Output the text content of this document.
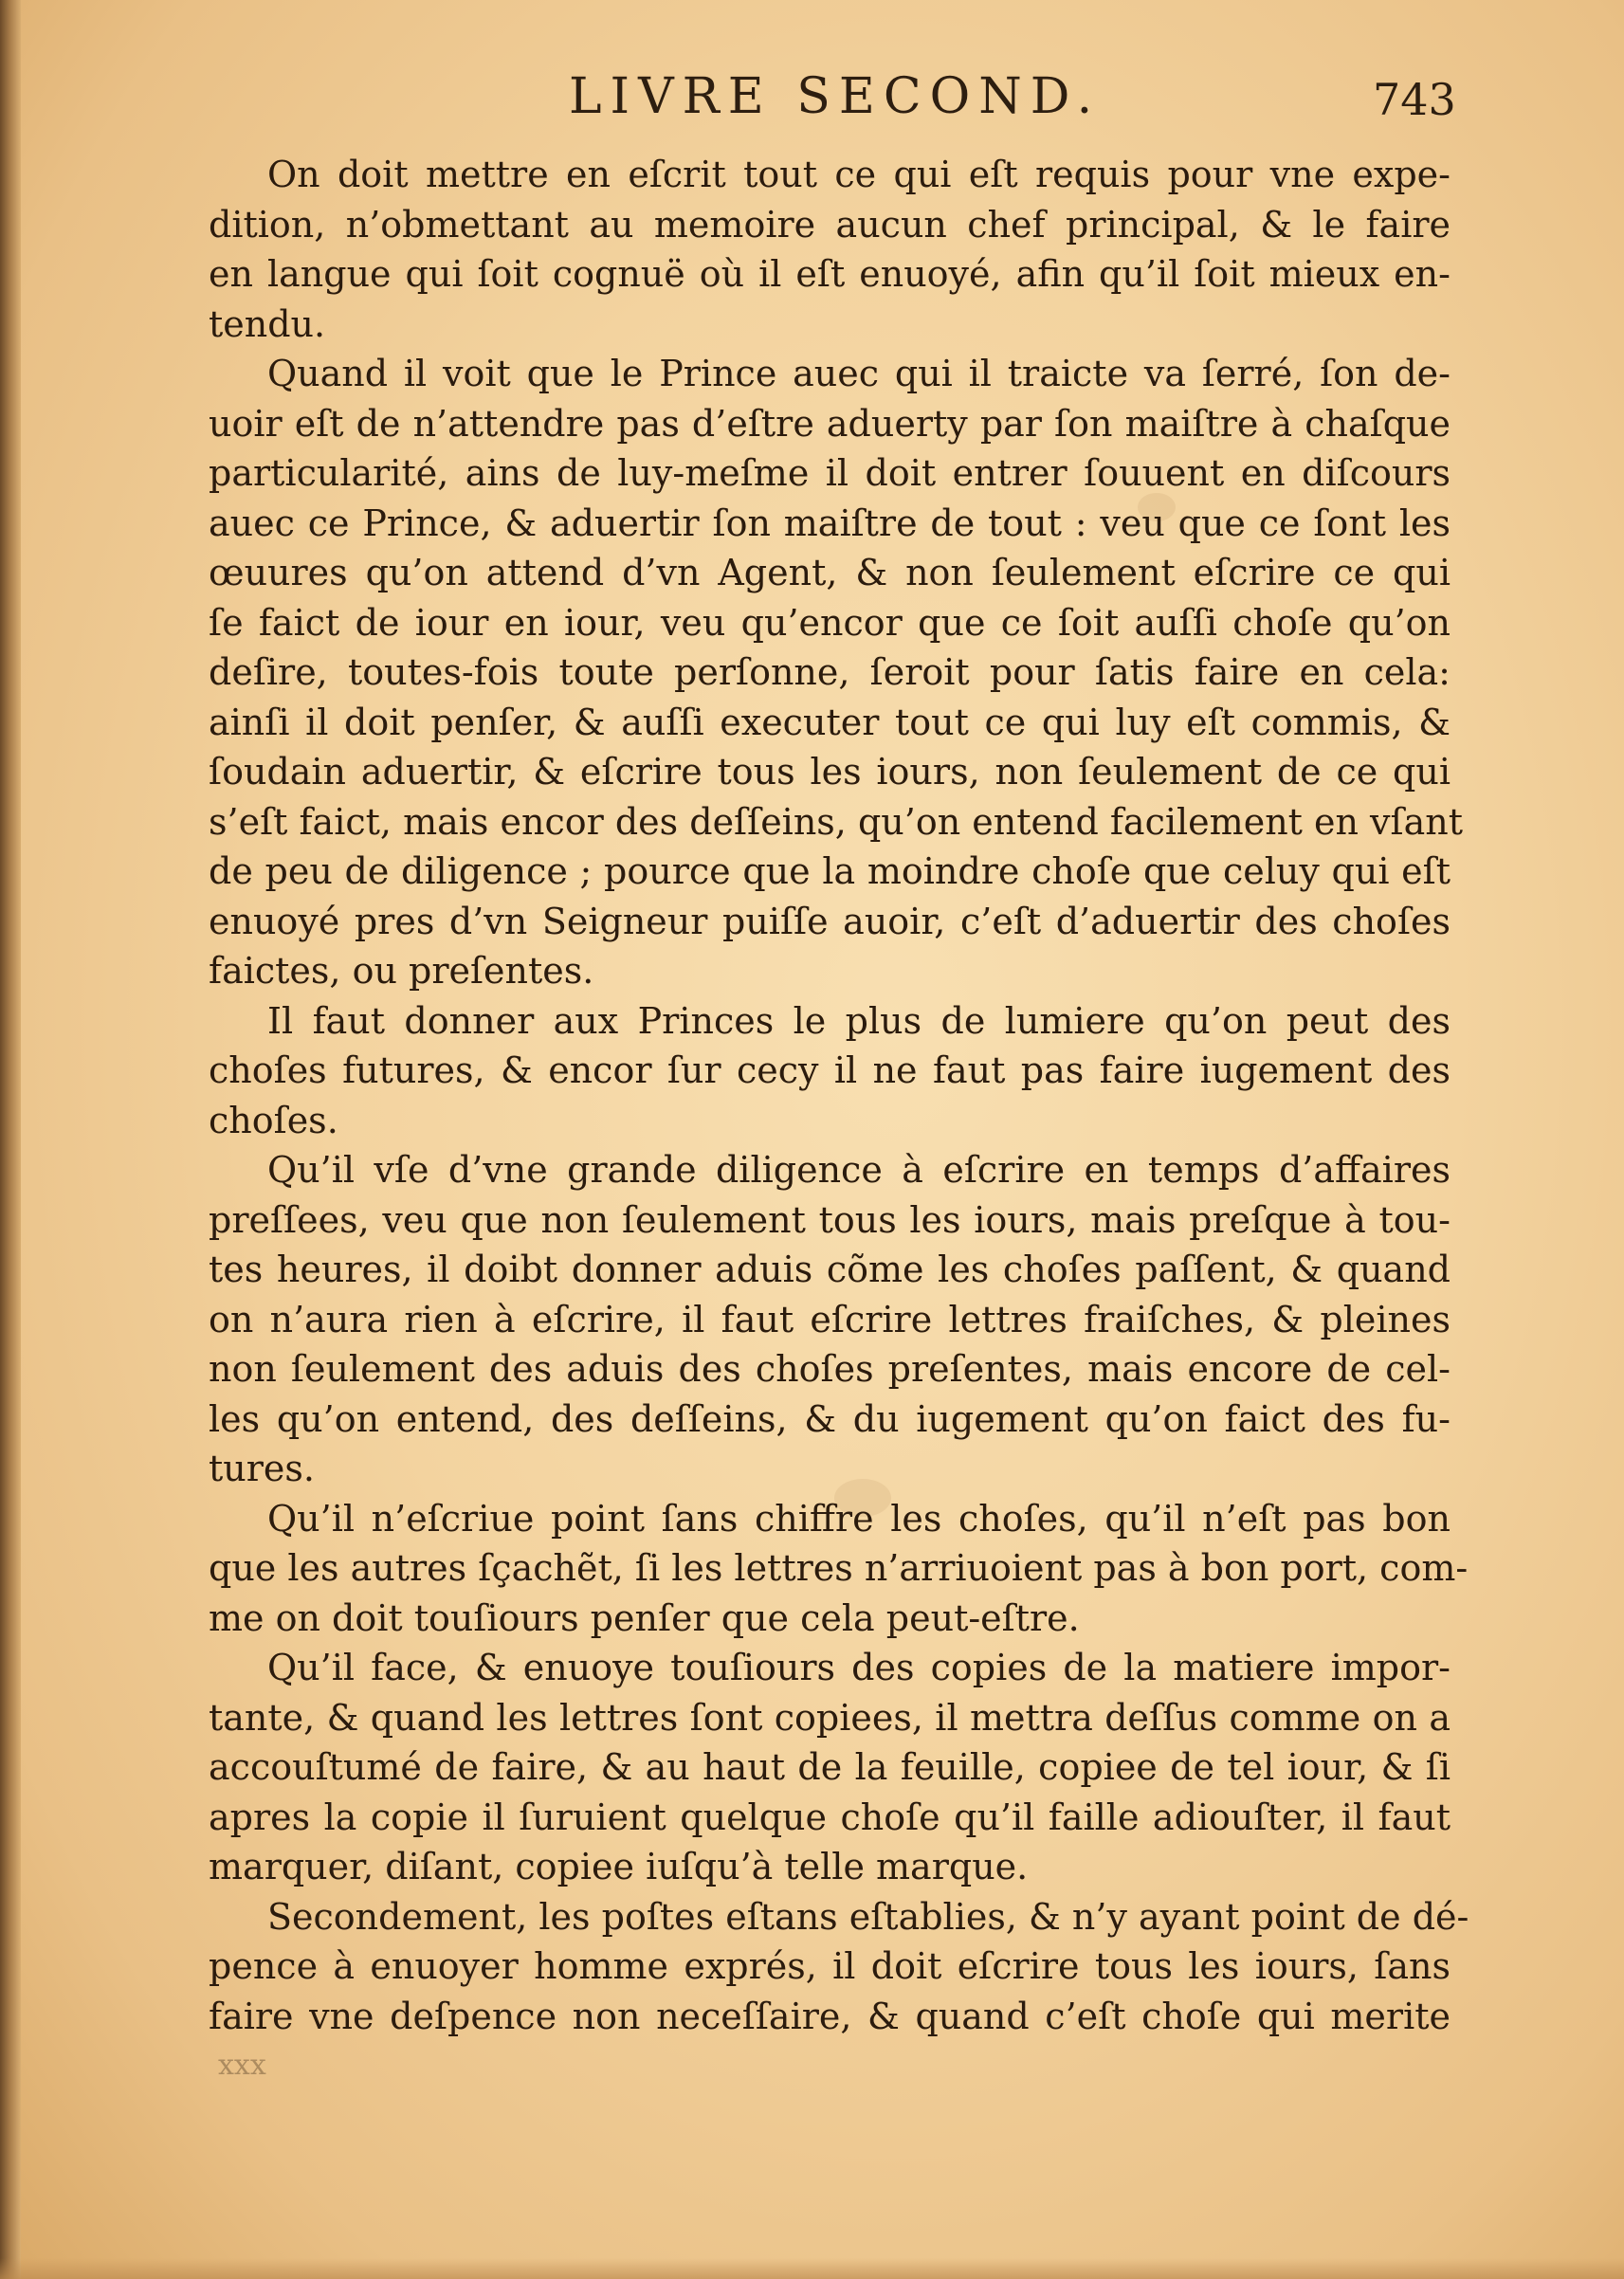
LIVRE SECOND.	743
On doit mettre en eſcrit tout ce qui eſt requis pour vne expe-
dition, n’obmettant au memoire aucun chef principal, & le faire
en langue qui ſoit cognuë où il eſt enuoyé, afin qu’il ſoit mieux en-
tendu.
Quand il voit que le Prince auec qui il traicte va ſerré, ſon de-
uoir eſt de n’attendre pas d’eſtre aduerty par ſon maiſtre à chaſque
particularité, ains de luy-meſme il doit entrer ſouuent en diſcours
auec ce Prince, & aduertir ſon maiſtre de tout : veu que ce ſont les
œuures qu’on attend d’vn Agent, & non ſeulement eſcrire ce qui
ſe faict de iour en iour, veu qu’encor que ce ſoit auſſi choſe qu’on
deſire, toutes-fois toute perſonne, ſeroit pour ſatis faire en cela:
ainſi il doit penſer, & auſſi executer tout ce qui luy eſt commis, &
ſoudain aduertir, & eſcrire tous les iours, non ſeulement de ce qui
s’eſt faict, mais encor des deſſeins, qu’on entend facilement en vſant
de peu de diligence ; pource que la moindre choſe que celuy qui eſt
enuoyé pres d’vn Seigneur puiſſe auoir, c’eſt d’aduertir des choſes
faictes, ou preſentes.
Il faut donner aux Princes le plus de lumiere qu’on peut des
choſes futures, & encor ſur cecy il ne faut pas faire iugement des
choſes.
Qu’il vſe d’vne grande diligence à eſcrire en temps d’affaires
preſſees, veu que non ſeulement tous les iours, mais preſque à tou-
tes heures, il doibt donner aduis cõme les choſes paſſent, & quand
on n’aura rien à eſcrire, il faut eſcrire lettres fraiſches, & pleines
non ſeulement des aduis des choſes preſentes, mais encore de cel-
les qu’on entend, des deſſeins, & du iugement qu’on faict des fu-
tures.
Qu’il n’eſcriue point ſans chiffre les choſes, qu’il n’eſt pas bon
que les autres ſçachẽt, ſi les lettres n’arriuoient pas à bon port, com-
me on doit touſiours penſer que cela peut-eſtre.
Qu’il face, & enuoye touſiours des copies de la matiere impor-
tante, & quand les lettres ſont copiees, il mettra deſſus comme on a
accouſtumé de faire, & au haut de la feuille, copiee de tel iour, & ſi
apres la copie il ſuruient quelque choſe qu’il faille adiouſter, il faut
marquer, diſant, copiee iuſqu’à telle marque.
Secondement, les poſtes eſtans eſtablies, & n’y ayant point de dé-
pence à enuoyer homme exprés, il doit eſcrire tous les iours, ſans
faire vne deſpence non neceſſaire, & quand c’eſt choſe qui merite
xxx
